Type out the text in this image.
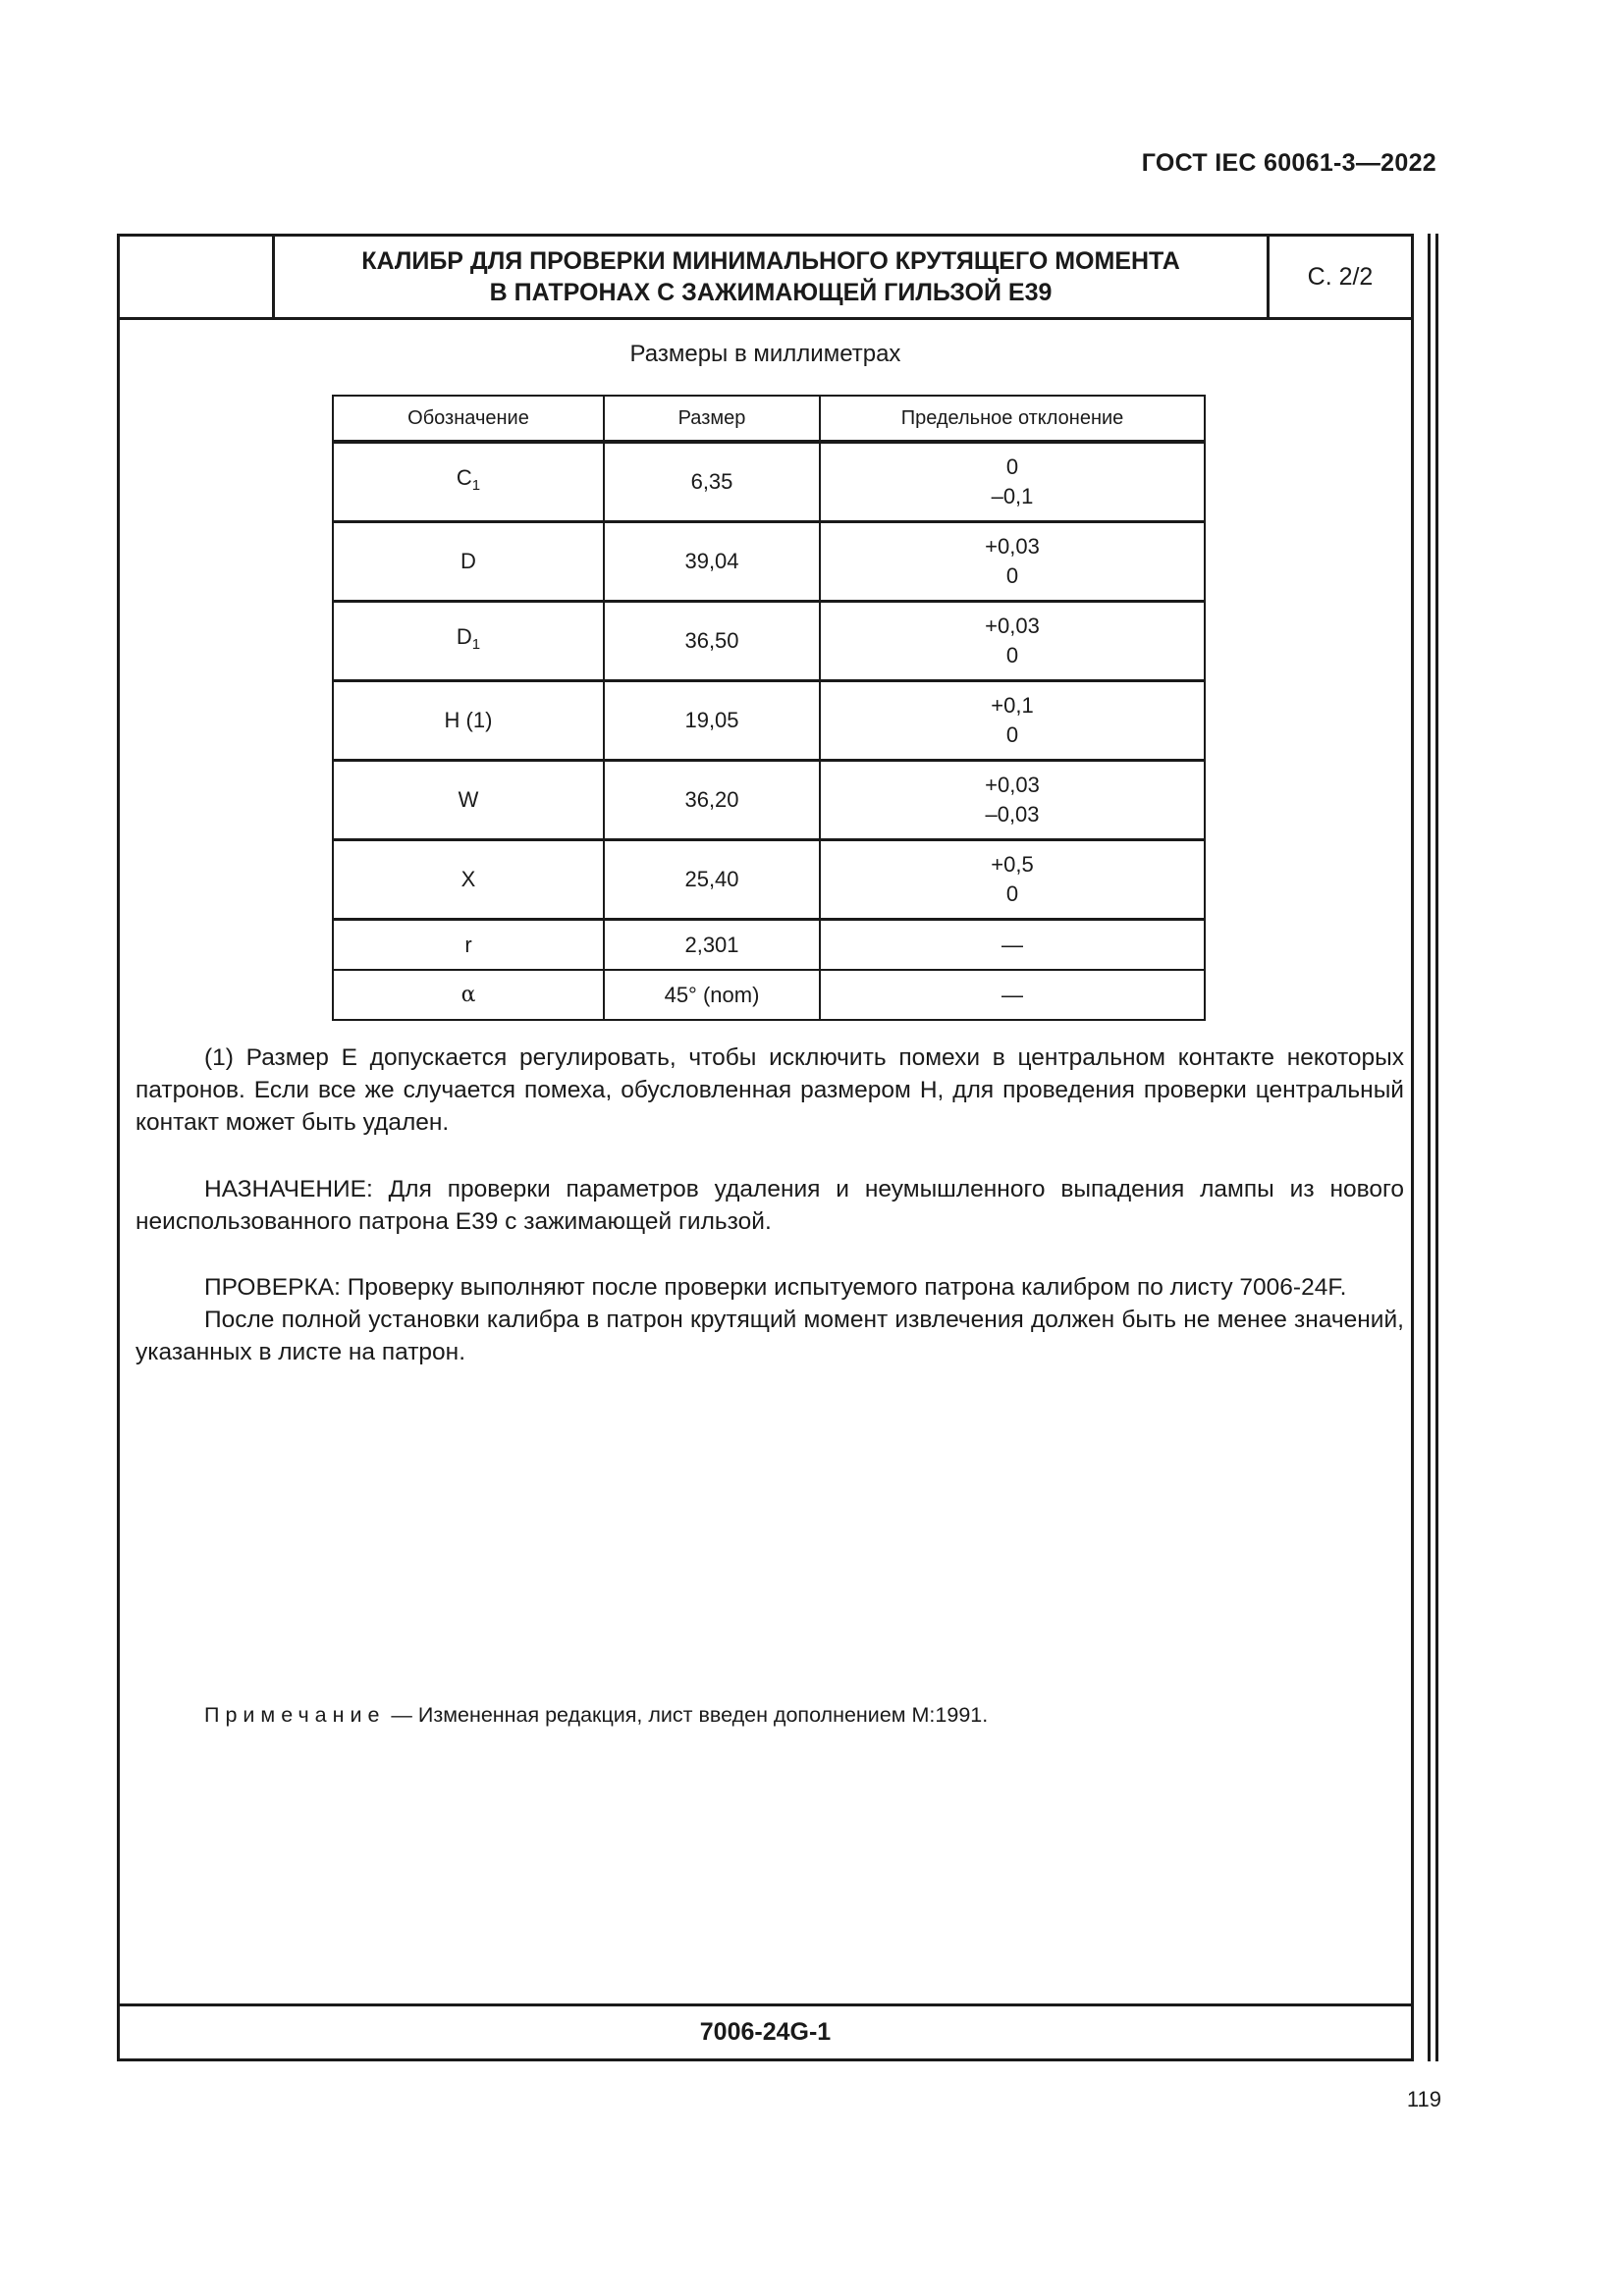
ГОСТ IEC 60061-3—2022
КАЛИБР ДЛЯ ПРОВЕРКИ МИНИМАЛЬНОГО КРУТЯЩЕГО МОМЕНТА
В ПАТРОНАХ С ЗАЖИМАЮЩЕЙ ГИЛЬЗОЙ Е39
С. 2/2
Размеры в миллиметрах
Обозначение	Размер	Предельное отклонение
$C_1$	6,35	0
–0,1

D	39,04	+0,03
0

$D_1$	36,50	+0,03
0

H (1)	19,05	+0,1
0

W	36,20	+0,03
–0,03

X	25,40	+0,5
0

r	2,301	—
α	45° (nom)	—

(1) Размер E допускается регулировать, чтобы исключить помехи в центральном контакте некоторых патронов. Если все же случается помеха, обусловленная размером H, для проведения проверки центральный контакт может быть удален.

НАЗНАЧЕНИЕ: Для проверки параметров удаления и неумышленного выпадения лампы из нового неиспользованного патрона E39 с зажимающей гильзой.

ПРОВЕРКА: Проверку выполняют после проверки испытуемого патрона калибром по листу 7006-24F.

После полной установки калибра в патрон крутящий момент извлечения должен быть не менее значений, указанных в листе на патрон.

Примечание — Измененная редакция, лист введен дополнением М:1991.
7006-24G-1
119
